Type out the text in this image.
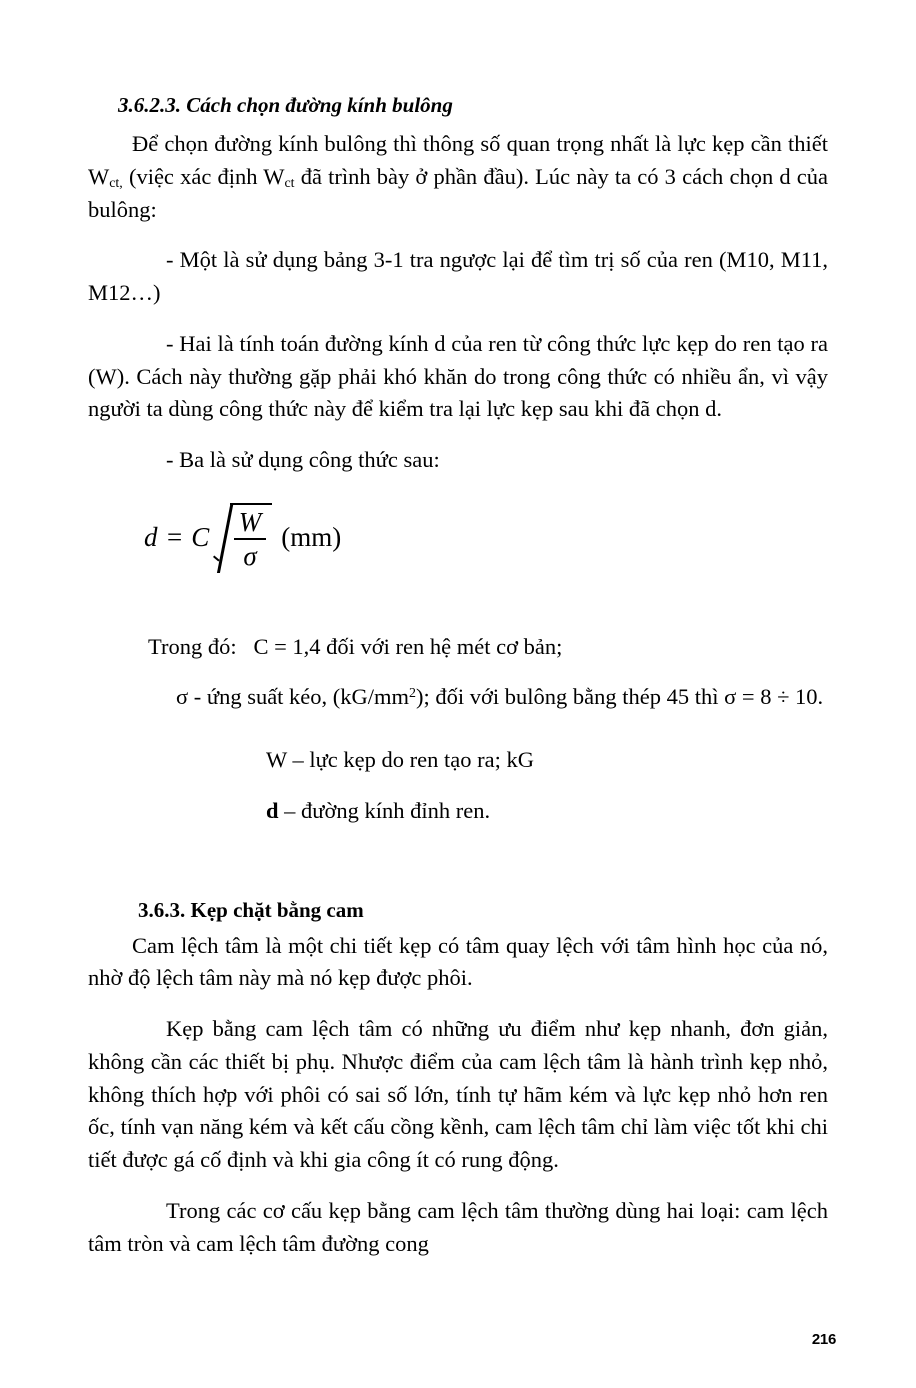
3.6.2.3. Cách chọn đường kính bulông

Để chọn đường kính bulông thì thông số quan trọng nhất là lực kẹp cần thiết $W_{ct,}$ (việc xác định $W_{ct}$ đã trình bày ở phần đầu). Lúc này ta có 3 cách chọn d của bulông:

- Một là sử dụng bảng 3-1 tra ngược lại để tìm trị số của ren (M10, M11, M12…)

- Hai là tính toán đường kính d của ren từ công thức lực kẹp do ren tạo ra (W). Cách này thường gặp phải khó khăn do trong công thức có nhiều ẩn, vì vậy người ta dùng công thức này để kiểm tra lại lực kẹp sau khi đã chọn d.

- Ba là sử dụng công thức sau:

d = C $\frac{W}{\sigma} (mm)$

Trong đó: C = 1,4 đối với ren hệ mét cơ bản;

σ - ứng suất kéo, $(kG/mm^2)$; đối với bulông bằng thép 45 thì σ = 8 ÷ 10.

W – lực kẹp do ren tạo ra; kG

d – đường kính đỉnh ren.

3.6.3. Kẹp chặt bằng cam

Cam lệch tâm là một chi tiết kẹp có tâm quay lệch với tâm hình học của nó, nhờ độ lệch tâm này mà nó kẹp được phôi.

Kẹp bằng cam lệch tâm có những ưu điểm như kẹp nhanh, đơn giản, không cần các thiết bị phụ. Nhược điểm của cam lệch tâm là hành trình kẹp nhỏ, không thích hợp với phôi có sai số lớn, tính tự hãm kém và lực kẹp nhỏ hơn ren ốc, tính vạn năng kém và kết cấu cồng kềnh, cam lệch tâm chỉ làm việc tốt khi chi tiết được gá cố định và khi gia công ít có rung động.

Trong các cơ cấu kẹp bằng cam lệch tâm thường dùng hai loại: cam lệch tâm tròn và cam lệch tâm đường cong

216
